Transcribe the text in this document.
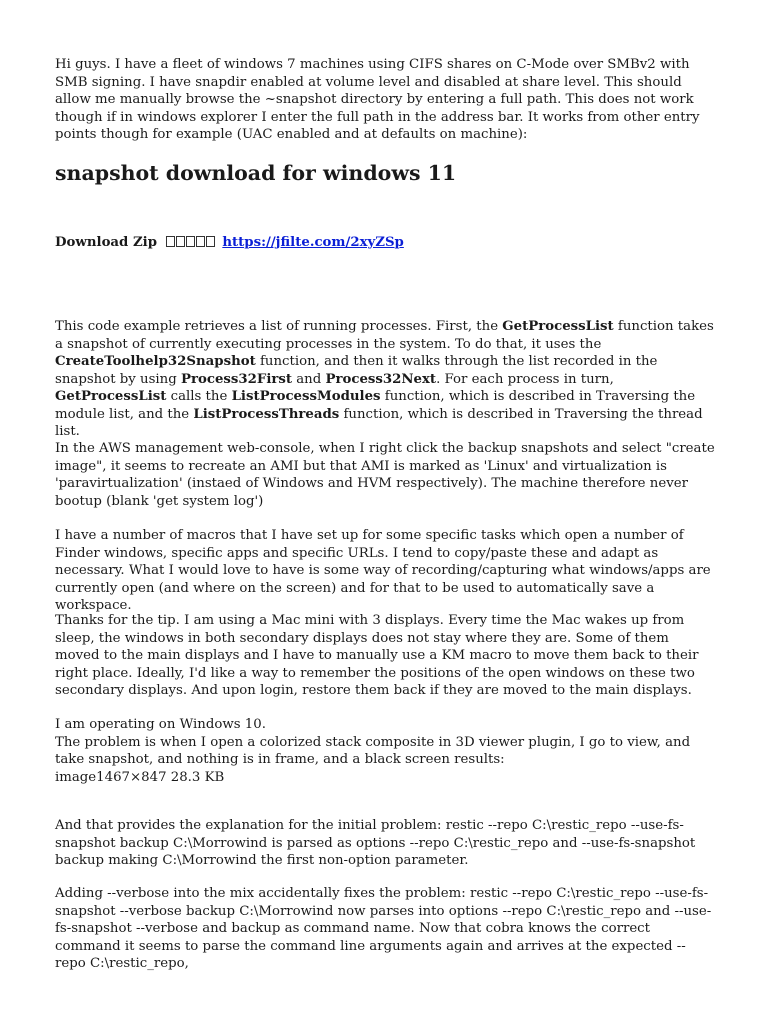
Hi guys. I have a fleet of windows 7 machines using CIFS shares on C-Mode over SMBv2 with SMB signing. I have snapdir enabled at volume level and disabled at share level. This should allow me manually browse the ~snapshot directory by entering a full path. This does not work though if in windows explorer I enter the full path in the address bar. It works from other entry points though for example (UAC enabled and at defaults on machine):

snapshot download for windows 11
Download Zip	https://jfilte.com/2xyZSp

This code example retrieves a list of running processes. First, the GetProcessList function takes a snapshot of currently executing processes in the system. To do that, it uses the CreateToolhelp32Snapshot function, and then it walks through the list recorded in the snapshot by using Process32First and Process32Next. For each process in turn, GetProcessList calls the ListProcessModules function, which is described in Traversing the module list, and the ListProcessThreads function, which is described in Traversing the thread list.

In the AWS management web-console, when I right click the backup snapshots and select "create image", it seems to recreate an AMI but that AMI is marked as 'Linux' and virtualization is 'paravirtualization' (instaed of Windows and HVM respectively). The machine therefore never bootup (blank 'get system log')

I have a number of macros that I have set up for some specific tasks which open a number of Finder windows, specific apps and specific URLs. I tend to copy/paste these and adapt as necessary. What I would love to have is some way of recording/capturing what windows/apps are currently open (and where on the screen) and for that to be used to automatically save a workspace.

Thanks for the tip. I am using a Mac mini with 3 displays. Every time the Mac wakes up from sleep, the windows in both secondary displays does not stay where they are. Some of them moved to the main displays and I have to manually use a KM macro to move them back to their right place. Ideally, I'd like a way to remember the positions of the open windows on these two secondary displays. And upon login, restore them back if they are moved to the main displays.

I am operating on Windows 10.

The problem is when I open a colorized stack composite in 3D viewer plugin, I go to view, and take snapshot, and nothing is in frame, and a black screen results:

image1467×847 28.3 KB

And that provides the explanation for the initial problem: restic --repo C:\restic_repo --use-fs-snapshot backup C:\Morrowind is parsed as options --repo C:\restic_repo and --use-fs-snapshot backup making C:\Morrowind the first non-option parameter.

Adding --verbose into the mix accidentally fixes the problem: restic --repo C:\restic_repo --use-fs-snapshot --verbose backup C:\Morrowind now parses into options --repo C:\restic_repo and --use-fs-snapshot --verbose and backup as command name. Now that cobra knows the correct command it seems to parse the command line arguments again and arrives at the expected --repo C:\restic_repo,
